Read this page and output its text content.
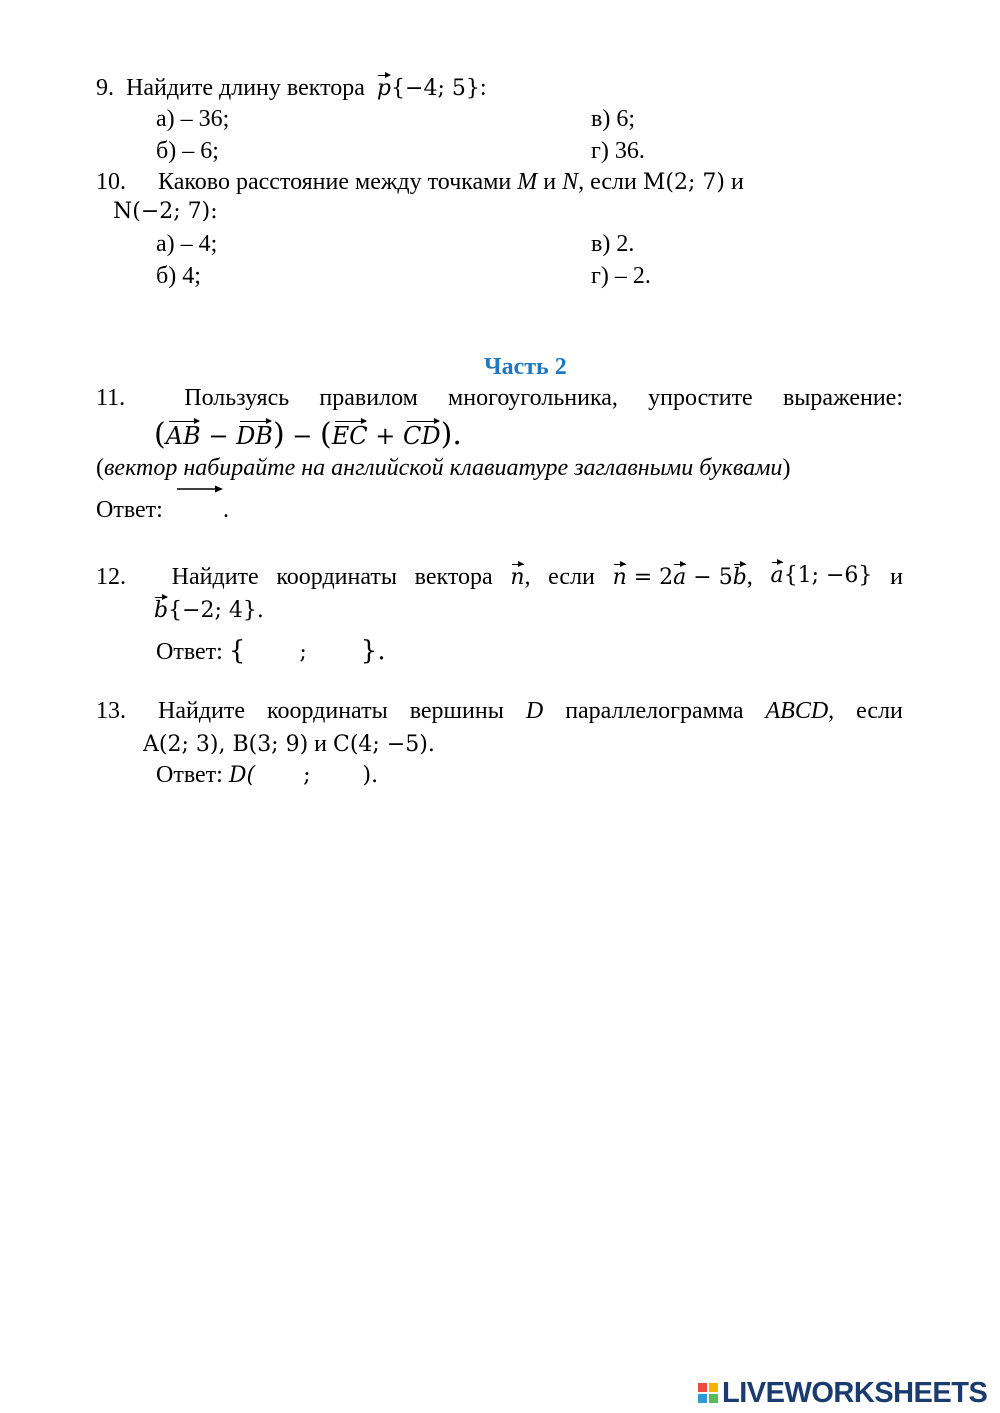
9. Найдите длину вектора p{−4; 5}:
а) – 36;
б) – 6;
в) 6;
г) 36.
10. Каково расстояние между точками M и N, если M(2; 7) и
N(−2; 7):
а) – 4;
б) 4;
в) 2.
г) – 2.
Часть 2
11.	Пользуясь правилом многоугольника, упростите выражение:
(AB − DB) − (EC + CD).
(вектор набирайте на английской клавиатуре заглавными буквами)
Ответ:	.
12.	Найдите координаты вектора n, если n = 2a − 5b, a{1; −6} и
b{−2; 4}.
Ответ: { ; }.
13.	Найдите координаты вершины D параллелограмма ABCD, если
A(2; 3), B(3; 9) и C(4; −5).
Ответ: D( ; ).
LIVEWORKSHEETS
